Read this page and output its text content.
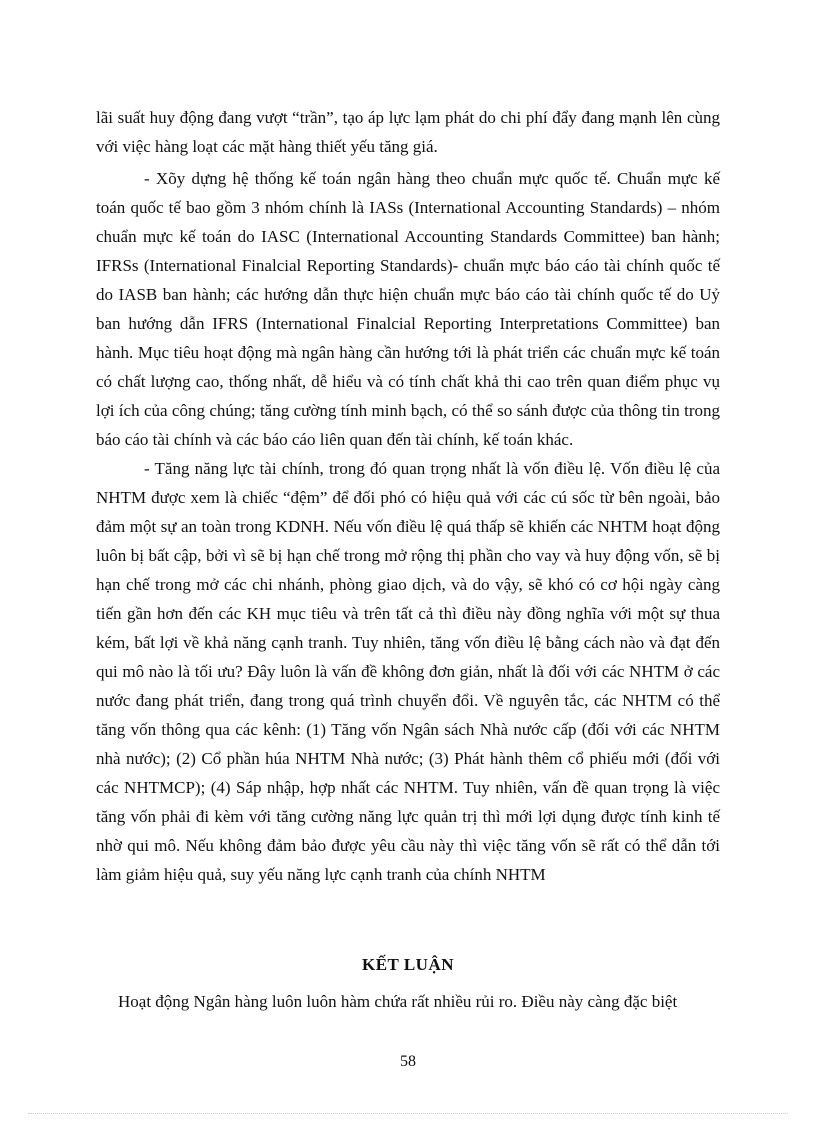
lãi suất huy động đang vượt “trần”, tạo áp lực lạm phát do chi phí đẩy đang mạnh lên cùng với việc hàng loạt các mặt hàng thiết yếu tăng giá.

- Xõy dựng hệ thống kế toán ngân hàng theo chuẩn mực quốc tế. Chuẩn mực kế toán quốc tế bao gồm 3 nhóm chính là IASs (International Accounting Standards) – nhóm chuẩn mực kế toán do IASC (International Accounting Standards Committee) ban hành; IFRSs (International Finalcial Reporting Standards)- chuẩn mực báo cáo tài chính quốc tế do IASB ban hành; các hướng dẫn thực hiện chuẩn mực báo cáo tài chính quốc tế do Uỷ ban hướng dẫn IFRS (International Finalcial Reporting Interpretations Committee) ban hành. Mục tiêu hoạt động mà ngân hàng cần hướng tới là phát triển các chuẩn mực kế toán có chất lượng cao, thống nhất, dễ hiểu và có tính chất khả thi cao trên quan điểm phục vụ lợi ích của công chúng; tăng cường tính minh bạch, có thể so sánh được của thông tin trong báo cáo tài chính và các báo cáo liên quan đến tài chính, kế toán khác.

- Tăng năng lực tài chính, trong đó quan trọng nhất là vốn điều lệ. Vốn điều lệ của NHTM được xem là chiếc “đệm” để đối phó có hiệu quả với các cú sốc từ bên ngoài, bảo đảm một sự an toàn trong KDNH. Nếu vốn điều lệ quá thấp sẽ khiến các NHTM hoạt động luôn bị bất cập, bởi vì sẽ bị hạn chế trong mở rộng thị phần cho vay và huy động vốn, sẽ bị hạn chế trong mở các chi nhánh, phòng giao dịch, và do vậy, sẽ khó có cơ hội ngày càng tiến gần hơn đến các KH mục tiêu và trên tất cả thì điều này đồng nghĩa với một sự thua kém, bất lợi về khả năng cạnh tranh. Tuy nhiên, tăng vốn điều lệ bằng cách nào và đạt đến qui mô nào là tối ưu? Đây luôn là vấn đề không đơn giản, nhất là đối với các NHTM ở các nước đang phát triển, đang trong quá trình chuyển đổi. Về nguyên tắc, các NHTM có thể tăng vốn thông qua các kênh: (1) Tăng vốn Ngân sách Nhà nước cấp (đối với các NHTM nhà nước); (2) Cổ phần húa NHTM Nhà nước; (3) Phát hành thêm cổ phiếu mới (đối với các NHTMCP); (4) Sáp nhập, hợp nhất các NHTM. Tuy nhiên, vấn đề quan trọng là việc tăng vốn phải đi kèm với tăng cường năng lực quản trị thì mới lợi dụng được tính kinh tế nhờ qui mô. Nếu không đảm bảo được yêu cầu này thì việc tăng vốn sẽ rất có thể dẫn tới làm giảm hiệu quả, suy yếu năng lực cạnh tranh của chính NHTM

KẾT LUẬN
Hoạt động Ngân hàng luôn luôn hàm chứa rất nhiều rủi ro. Điều này càng đặc biệt
58
